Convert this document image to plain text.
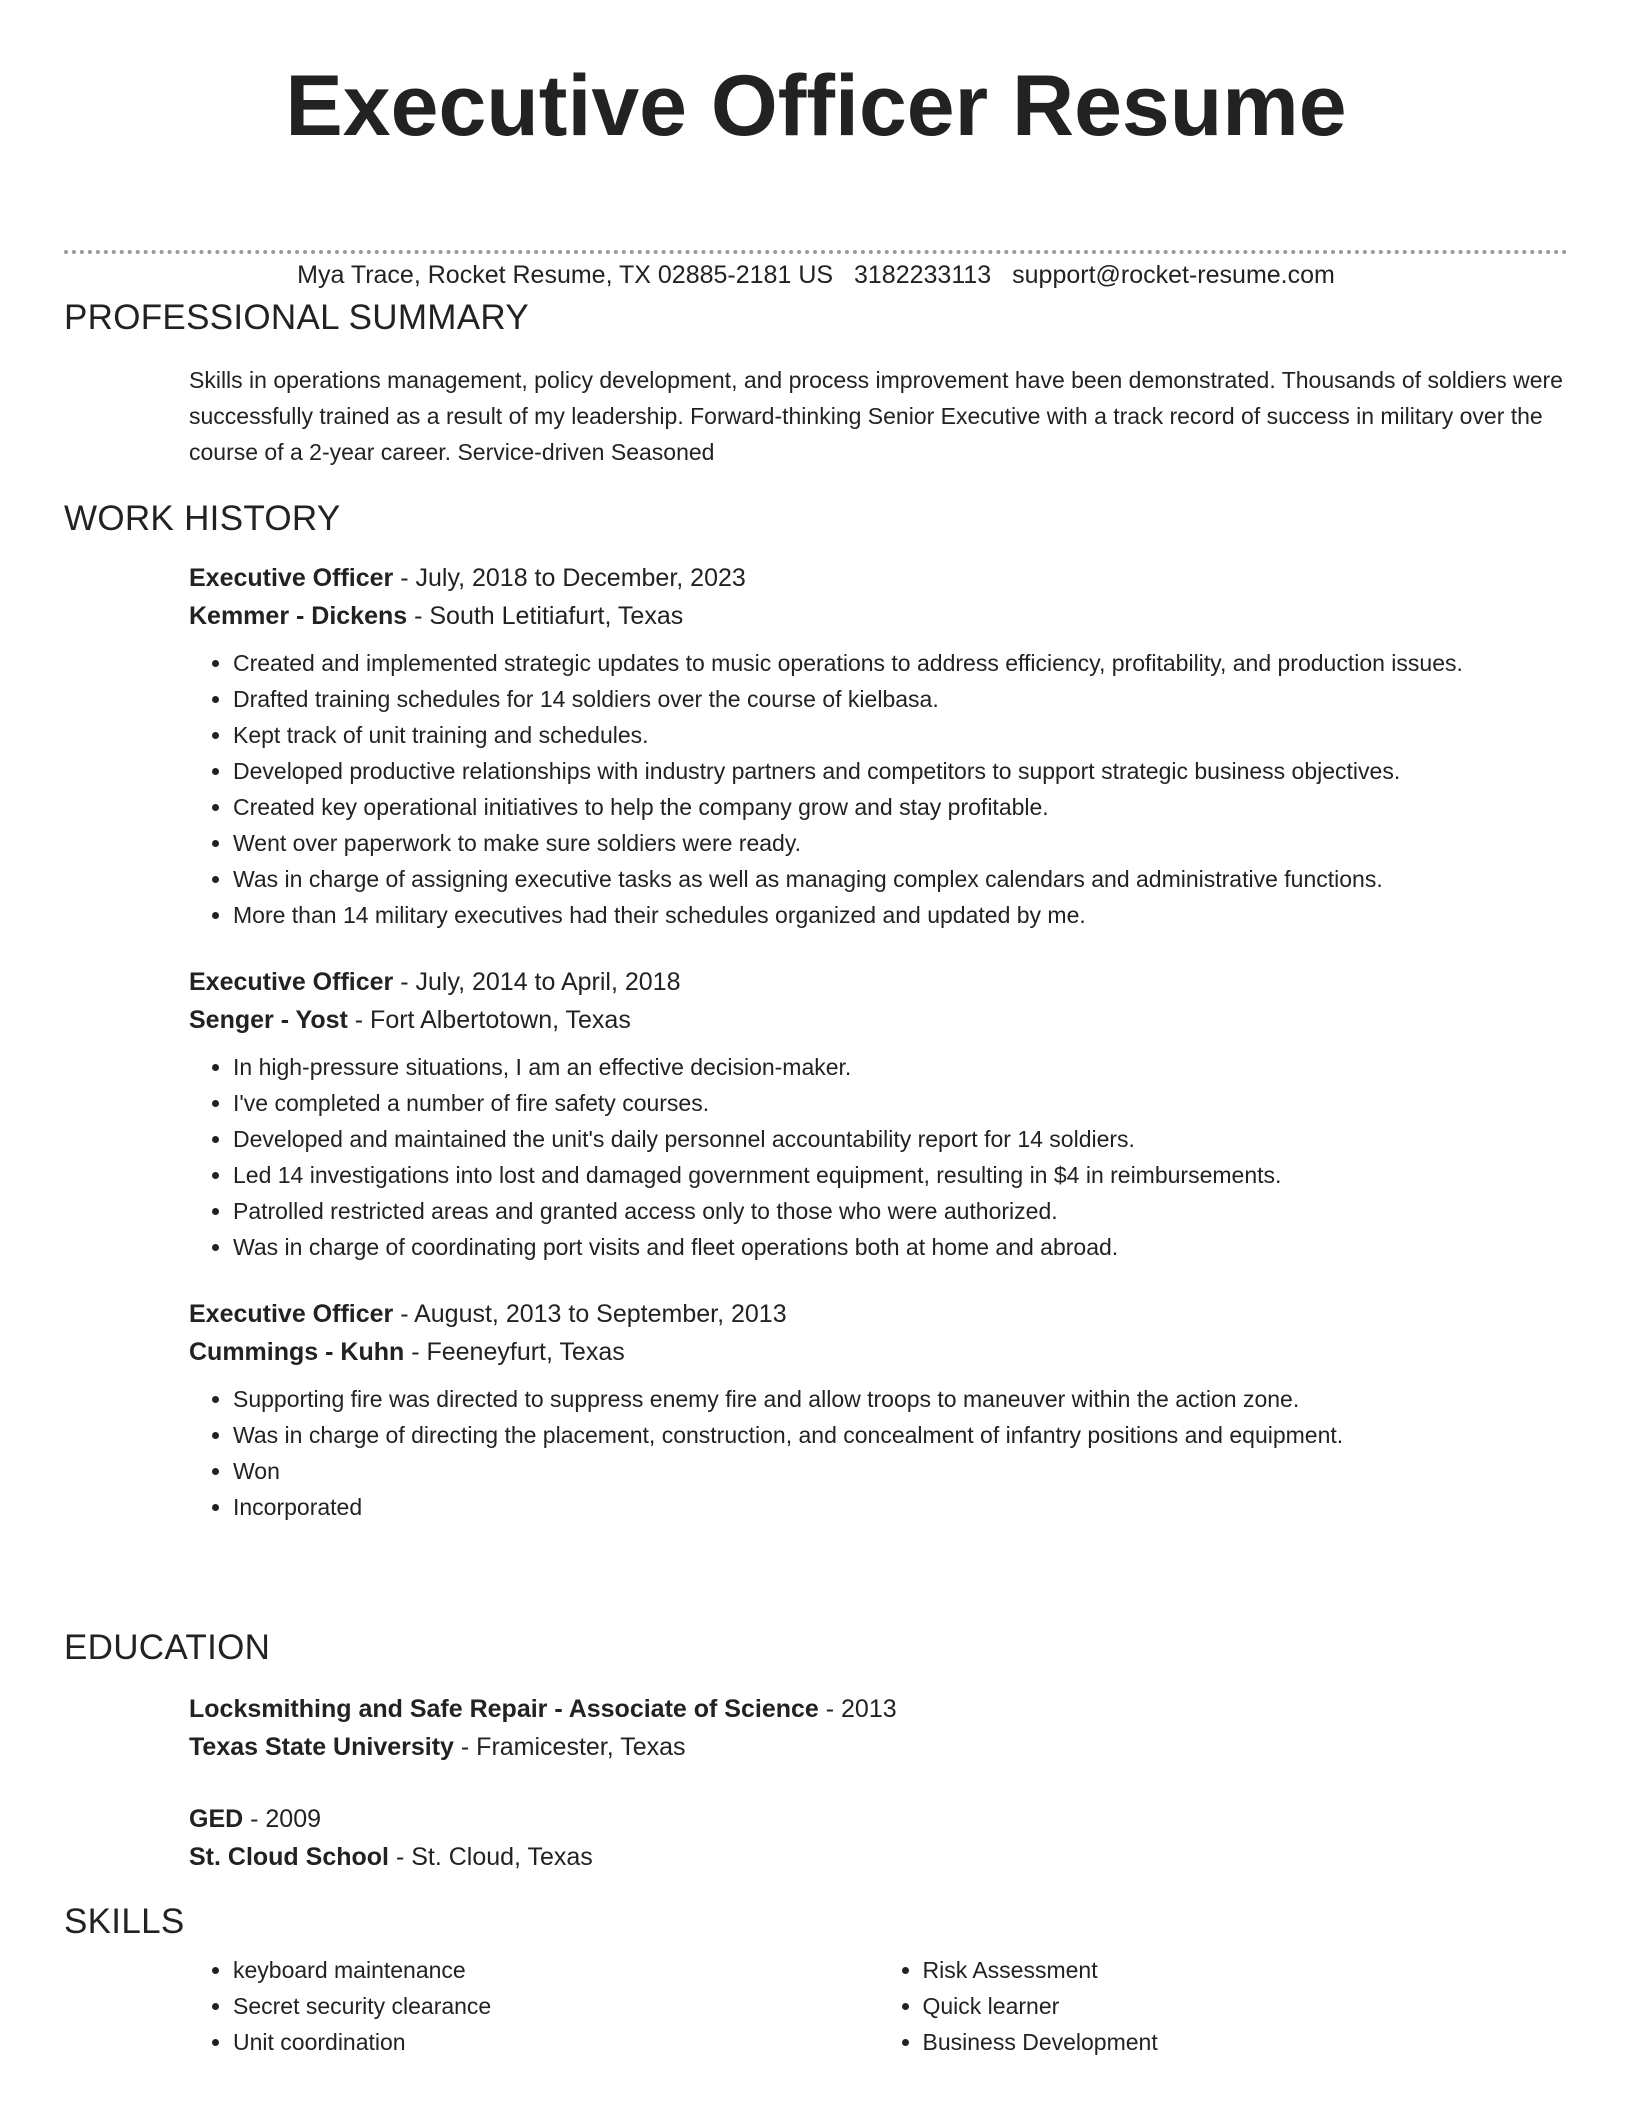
Executive Officer Resume
Mya Trace, Rocket Resume, TX 02885-2181 US 3182233113 support@rocket-resume.com
PROFESSIONAL SUMMARY
Skills in operations management, policy development, and process improvement have been demonstrated. Thousands of soldiers were successfully trained as a result of my leadership. Forward-thinking Senior Executive with a track record of success in military over the course of a 2-year career. Service-driven Seasoned
WORK HISTORY
Executive Officer - July, 2018 to December, 2023
Kemmer - Dickens - South Letitiafurt, Texas
• Created and implemented strategic updates to music operations to address efficiency, profitability, and production issues.
• Drafted training schedules for 14 soldiers over the course of kielbasa.
• Kept track of unit training and schedules.
• Developed productive relationships with industry partners and competitors to support strategic business objectives.
• Created key operational initiatives to help the company grow and stay profitable.
• Went over paperwork to make sure soldiers were ready.
• Was in charge of assigning executive tasks as well as managing complex calendars and administrative functions.
• More than 14 military executives had their schedules organized and updated by me.
Executive Officer - July, 2014 to April, 2018
Senger - Yost - Fort Albertotown, Texas
• In high-pressure situations, I am an effective decision-maker.
• I've completed a number of fire safety courses.
• Developed and maintained the unit's daily personnel accountability report for 14 soldiers.
• Led 14 investigations into lost and damaged government equipment, resulting in $4 in reimbursements.
• Patrolled restricted areas and granted access only to those who were authorized.
• Was in charge of coordinating port visits and fleet operations both at home and abroad.
Executive Officer - August, 2013 to September, 2013
Cummings - Kuhn - Feeneyfurt, Texas
• Supporting fire was directed to suppress enemy fire and allow troops to maneuver within the action zone.
• Was in charge of directing the placement, construction, and concealment of infantry positions and equipment.
• Won
• Incorporated
EDUCATION
Locksmithing and Safe Repair - Associate of Science - 2013
Texas State University - Framicester, Texas
GED - 2009
St. Cloud School - St. Cloud, Texas
SKILLS
• keyboard maintenance
• Secret security clearance
• Unit coordination
• Risk Assessment
• Quick learner
• Business Development
